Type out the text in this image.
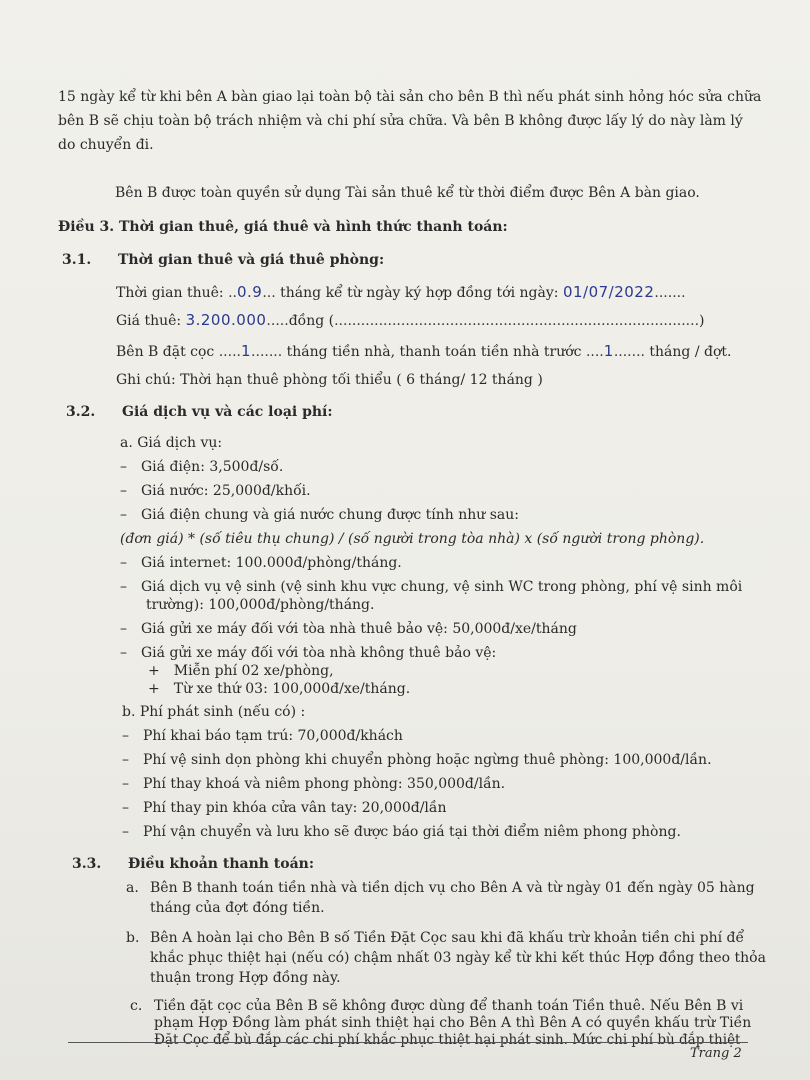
15 ngày kể từ khi bên A bàn giao lại toàn bộ tài sản cho bên B thì nếu phát sinh hỏng hóc sửa chữa
bên B sẽ chịu toàn bộ trách nhiệm và chi phí sửa chữa. Và bên B không được lấy lý do này làm lý
do chuyển đi.
Bên B được toàn quyền sử dụng Tài sản thuê kể từ thời điểm được Bên A bàn giao.
Điều 3. Thời gian thuê, giá thuê và hình thức thanh toán:
3.1. Thời gian thuê và giá thuê phòng:
Thời gian thuê: ..0.9... tháng kể từ ngày ký hợp đồng tới ngày: 01/07/2022.......
Giá thuê: 3.200.000.....đồng (..................................................................................)
Bên B đặt cọc .....1....... tháng tiền nhà, thanh toán tiền nhà trước ....1....... tháng / đợt.
Ghi chú: Thời hạn thuê phòng tối thiểu ( 6 tháng/ 12 tháng )
3.2. Giá dịch vụ và các loại phí:
a. Giá dịch vụ:
– Giá điện: 3,500đ/số.
– Giá nước: 25,000đ/khối.
– Giá điện chung và giá nước chung được tính như sau:
(đơn giá) * (số tiêu thụ chung) / (số người trong tòa nhà) x (số người trong phòng).
– Giá internet: 100.000đ/phòng/tháng.
– Giá dịch vụ vệ sinh (vệ sinh khu vực chung, vệ sinh WC trong phòng, phí vệ sinh môi
trường): 100,000đ/phòng/tháng.
– Giá gửi xe máy đối với tòa nhà thuê bảo vệ: 50,000đ/xe/tháng
– Giá gửi xe máy đối với tòa nhà không thuê bảo vệ:
+ Miễn phí 02 xe/phòng,
+ Từ xe thứ 03: 100,000đ/xe/tháng.
b. Phí phát sinh (nếu có) :
– Phí khai báo tạm trú: 70,000đ/khách
– Phí vệ sinh dọn phòng khi chuyển phòng hoặc ngừng thuê phòng: 100,000đ/lần.
– Phí thay khoá và niêm phong phòng: 350,000đ/lần.
– Phí thay pin khóa cửa vân tay: 20,000đ/lần
– Phí vận chuyển và lưu kho sẽ được báo giá tại thời điểm niêm phong phòng.
3.3. Điều khoản thanh toán:
a. Bên B thanh toán tiền nhà và tiền dịch vụ cho Bên A và từ ngày 01 đến ngày 05 hàng
tháng của đợt đóng tiền.
b. Bên A hoàn lại cho Bên B số Tiền Đặt Cọc sau khi đã khấu trừ khoản tiền chi phí để
khắc phục thiệt hại (nếu có) chậm nhất 03 ngày kể từ khi kết thúc Hợp đồng theo thỏa
thuận trong Hợp đồng này.
c. Tiền đặt cọc của Bên B sẽ không được dùng để thanh toán Tiền thuê. Nếu Bên B vi
phạm Hợp Đồng làm phát sinh thiệt hại cho Bên A thì Bên A có quyền khấu trừ Tiền
Đặt Cọc để bù đắp các chi phí khắc phục thiệt hại phát sinh. Mức chi phí bù đắp thiệt
Trang 2
